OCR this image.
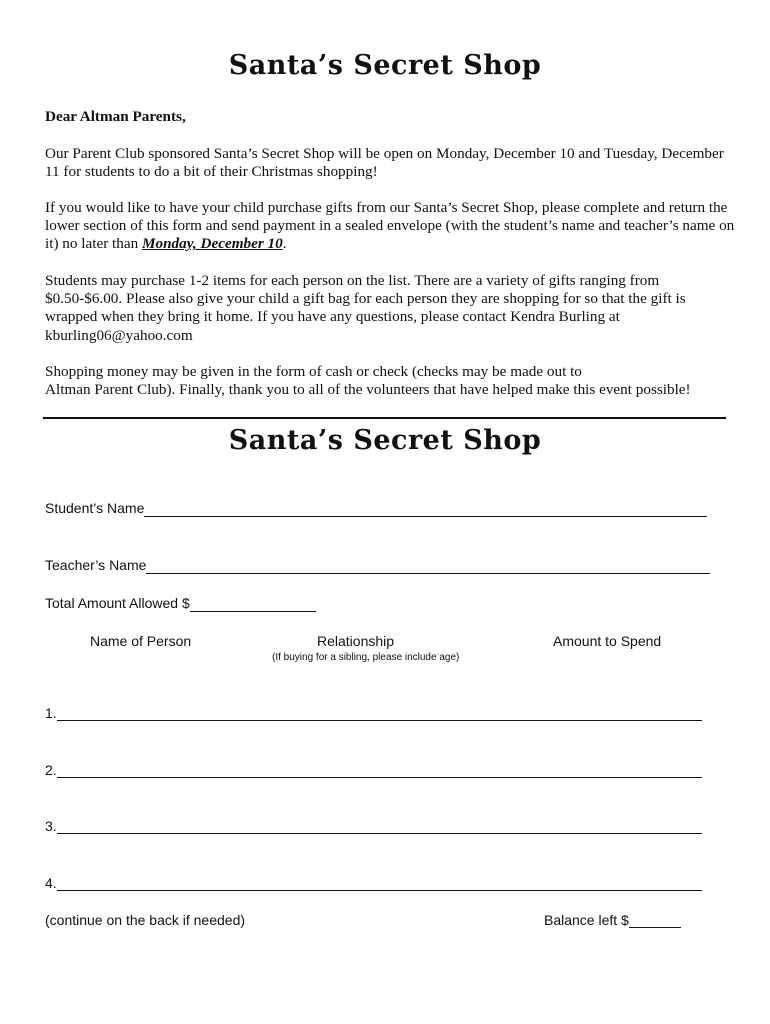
Santa’s Secret Shop
Dear Altman Parents,

Our Parent Club sponsored Santa’s Secret Shop will be open on Monday, December 10 and Tuesday, December 11 for students to do a bit of their Christmas shopping!

If you would like to have your child purchase gifts from our Santa’s Secret Shop, please complete and return the lower section of this form and send payment in a sealed envelope (with the student’s name and teacher’s name on it) no later than Monday, December 10.

Students may purchase 1-2 items for each person on the list. There are a variety of gifts ranging from $0.50-$6.00. Please also give your child a gift bag for each person they are shopping for so that the gift is wrapped when they bring it home. If you have any questions, please contact Kendra Burling at kburling06@yahoo.com

Shopping money may be given in the form of cash or check (checks may be made out to

Altman Parent Club). Finally, thank you to all of the volunteers that have helped make this event possible!

Santa’s Secret Shop
Student’s Name
Teacher’s Name
Total Amount Allowed $
Name of Person	Relationship
(If buying for a sibling, please include age)
Amount to Spend
1.
2.
3.
4.
(continue on the back if needed)	Balance left $
